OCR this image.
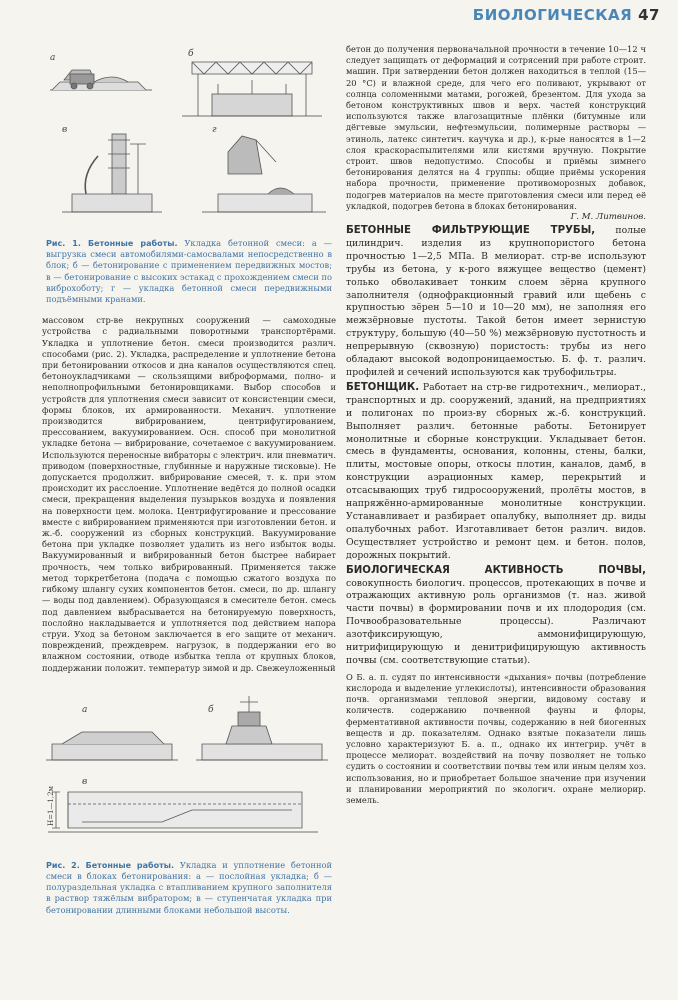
БИОЛОГИЧЕСКАЯ 47
а	б
в	г

Рис. 1. Бетонные работы. Укладка бетонной смеси: а — выгрузка смеси автомобилями-самосвалами непосредственно в блок; б — бетонирование с применением передвижных мостов; в — бетонирование с высоких эстакад с прохождением смеси по виброхоботу; г — укладка бетонной смеси передвижными подъёмными кранами.

массовом стр-ве некрупных сооружений — самоходные устройства с радиальными поворотными транспортёрами. Укладка и уплотнение бетон. смеси производится различ. способами (рис. 2). Укладка, распределение и уплотнение бетона при бетонировании откосов и дна каналов осуществляются спец. бетоноукладчиками — скользящими виброформами, полно- и неполнопрофильными бетонировщиками. Выбор способов и устройств для уплотнения смеси зависит от консистенции смеси, формы блоков, их армированности. Механич. уплотнение производится вибрированием, центрифугированием, прессованием, вакуумированием. Осн. способ при монолитной укладке бетона — вибрирование, сочетаемое с вакуумированием. Используются переносные вибраторы с электрич. или пневматич. приводом (поверхностные, глубинные и наружные тисковые). Не допускается продолжит. вибрирование смесей, т. к. при этом происходит их расслоение. Уплотнение ведётся до полной осадки смеси, прекращения выделения пузырьков воздуха и появления на поверхности цем. молока. Центрифугирование и прессование вместе с вибрированием применяются при изготовлении бетон. и ж.-б. сооружений из сборных конструкций. Вакуумирование бетона при укладке позволяет удалить из него избыток воды. Вакуумированный и вибрированный бетон быстрее набирает прочность, чем только вибрированный. Применяется также метод торкретбетона (подача с помощью сжатого воздуха по гибкому шлангу сухих компонентов бетон. смеси, по др. шлангу — воды под давлением). Образующаяся в смесителе бетон. смесь под давлением выбрасывается на бетонируемую поверхность, послойно накладывается и уплотняется под действием напора струи. Уход за бетоном заключается в его защите от механич. повреждений, преждеврем. нагрузок, в поддержании его во влажном состоянии, отводе избытка тепла от крупных блоков, поддержании положит. температур зимой и др. Свежеуложенный

а	б
в
Н=1—1,2м

Рис. 2. Бетонные работы. Укладка и уплотнение бетонной смеси в блоках бетонирования: а — послойная укладка; б — полураздельная укладка с втапливанием крупного заполнителя в раствор тяжёлым вибратором; в — ступенчатая укладка при бетонировании длинными блоками небольшой высоты.

бетон до получения первоначальной прочности в течение 10—12 ч следует защищать от деформаций и сотрясений при работе строит. машин. При затвердении бетон должен находиться в теплой (15—20 °С) и влажной среде, для чего его поливают, укрывают от солнца соломенными матами, рогожей, брезентом. Для ухода за бетоном конструктивных швов и верх. частей конструкций используются также влагозащитные плёнки (битумные или дёгтевые эмульсии, нефтеэмульсии, полимерные растворы — этиноль, латекс синтетич. каучука и др.), к-рые наносятся в 1—2 слоя краскораспылителями или кистями вручную. Покрытие строит. швов недопустимо. Способы и приёмы зимнего бетонирования делятся на 4 группы: общие приёмы ускорения набора прочности, применение противоморозных добавок, подогрев материалов на месте приготовления смеси или перед её укладкой, подогрев бетона в блоках бетонирования.

Г. М. Литвинов.

БЕТОННЫЕ ФИЛЬТРУЮЩИЕ ТРУБЫ, полые цилиндрич. изделия из крупнопористого бетона прочностью 1—2,5 МПа. В мелиорат. стр-ве используют трубы из бетона, у к-рого вяжущее вещество (цемент) только обволакивает тонким слоем зёрна крупного заполнителя (однофракционный гравий или щебень с крупностью зёрен 5—10 и 10—20 мм), не заполняя его межзёрновые пустоты. Такой бетон имеет зернистую структуру, большую (40—50 %) межзёрновую пустотность и непрерывную (сквозную) пористость: трубы из него обладают высокой водопроницаемостью. Б. ф. т. различ. профилей и сечений используются как трубофильтры.

БЕТОНЩИК. Работает на стр-ве гидротехнич., мелиорат., транспортных и др. сооружений, зданий, на предприятиях и полигонах по произ-ву сборных ж.-б. конструкций. Выполняет различ. бетонные работы. Бетонирует монолитные и сборные конструкции. Укладывает бетон. смесь в фундаменты, основания, колонны, стены, балки, плиты, мостовые опоры, откосы плотин, каналов, дамб, в конструкции аэрационных камер, перекрытий и отсасывающих труб гидросооружений, пролёты мостов, в напряжённо-армированные монолитные конструкции. Устанавливает и разбирает опалубку, выполняет др. виды опалубочных работ. Изготавливает бетон различ. видов. Осуществляет устройство и ремонт цем. и бетон. полов, дорожных покрытий.

БИОЛОГИЧЕСКАЯ АКТИВНОСТЬ ПОЧВЫ, совокупность биологич. процессов, протекающих в почве и отражающих активную роль организмов (т. наз. живой части почвы) в формировании почв и их плодородия (см. Почвообразовательные процессы). Различают азотфиксирующую, аммонифицирующую, нитрифицирующую и денитрифицирующую активность почвы (см. соответствующие статьи).

О Б. а. п. судят по интенсивности «дыхания» почвы (потребление кислорода и выделение углекислоты), интенсивности образования почв. организмами тепловой энергии, видовому составу и количеств. содержанию почвенной фауны и флоры, ферментативной активности почвы, содержанию в ней биогенных веществ и др. показателям. Однако взятые показатели лишь условно характеризуют Б. а. п., однако их интегрир. учёт в процессе мелиорат. воздействий на почву позволяет не только судить о состоянии и соответствии почвы тем или иным целям хоз. использования, но и приобретает большое значение при изучении и планировании мероприятий по экологич. охране мелиорир. земель.
